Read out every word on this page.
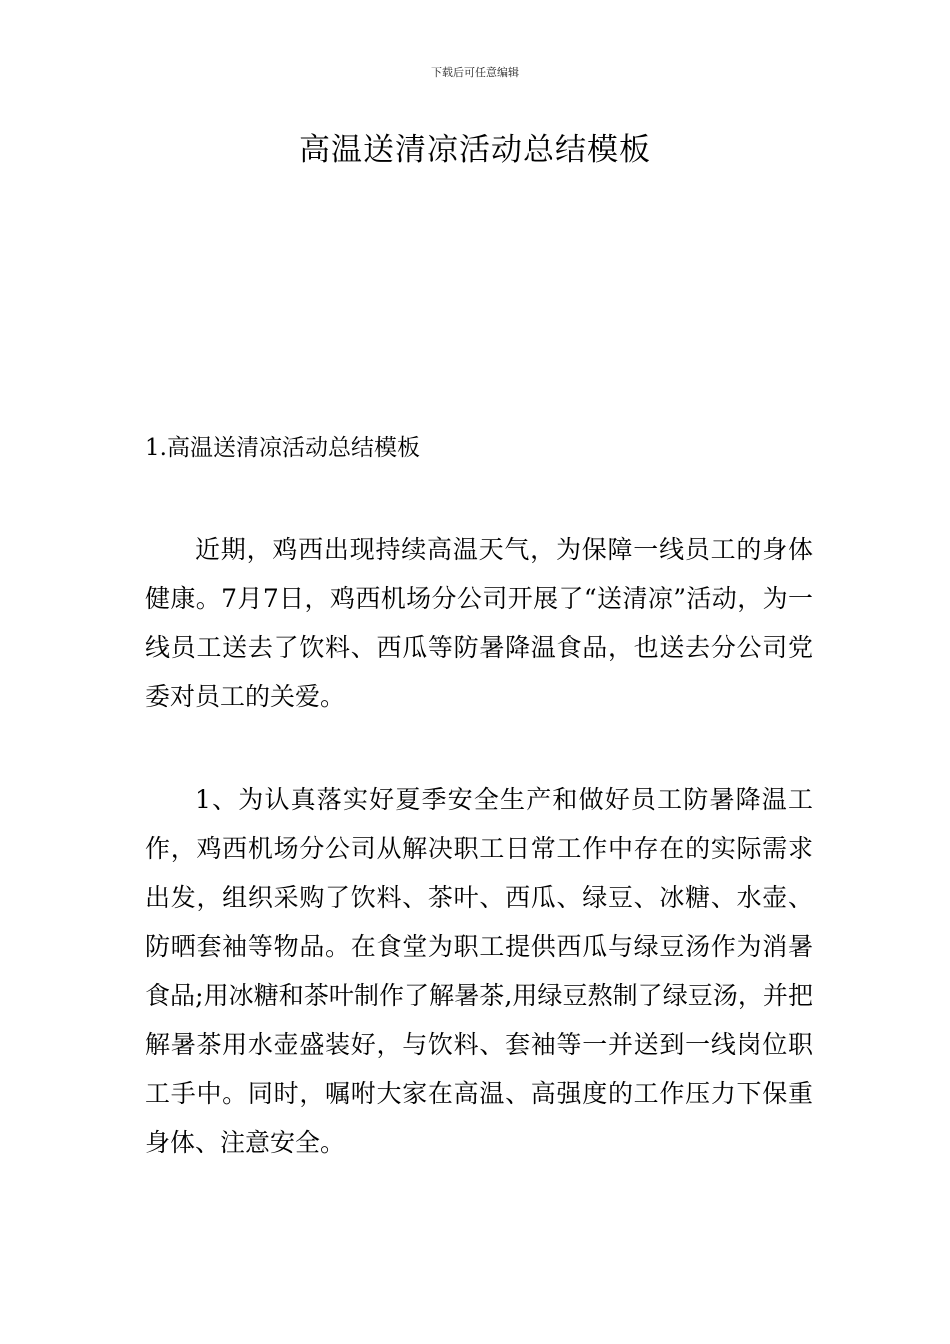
下载后可任意编辑
高温送清凉活动总结模板
1.高温送清凉活动总结模板

近期，鸡西出现持续高温天气，为保障一线员工的身体健康。7月7日，鸡西机场分公司开展了“送清凉”活动，为一线员工送去了饮料、西瓜等防暑降温食品，也送去分公司党委对员工的关爱。

1、为认真落实好夏季安全生产和做好员工防暑降温工作，鸡西机场分公司从解决职工日常工作中存在的实际需求出发，组织采购了饮料、茶叶、西瓜、绿豆、冰糖、水壶、防晒套袖等物品。在食堂为职工提供西瓜与绿豆汤作为消暑食品;用冰糖和茶叶制作了解暑茶,用绿豆熬制了绿豆汤，并把解暑茶用水壶盛装好，与饮料、套袖等一并送到一线岗位职工手中。同时，嘱咐大家在高温、高强度的工作压力下保重身体、注意安全。
